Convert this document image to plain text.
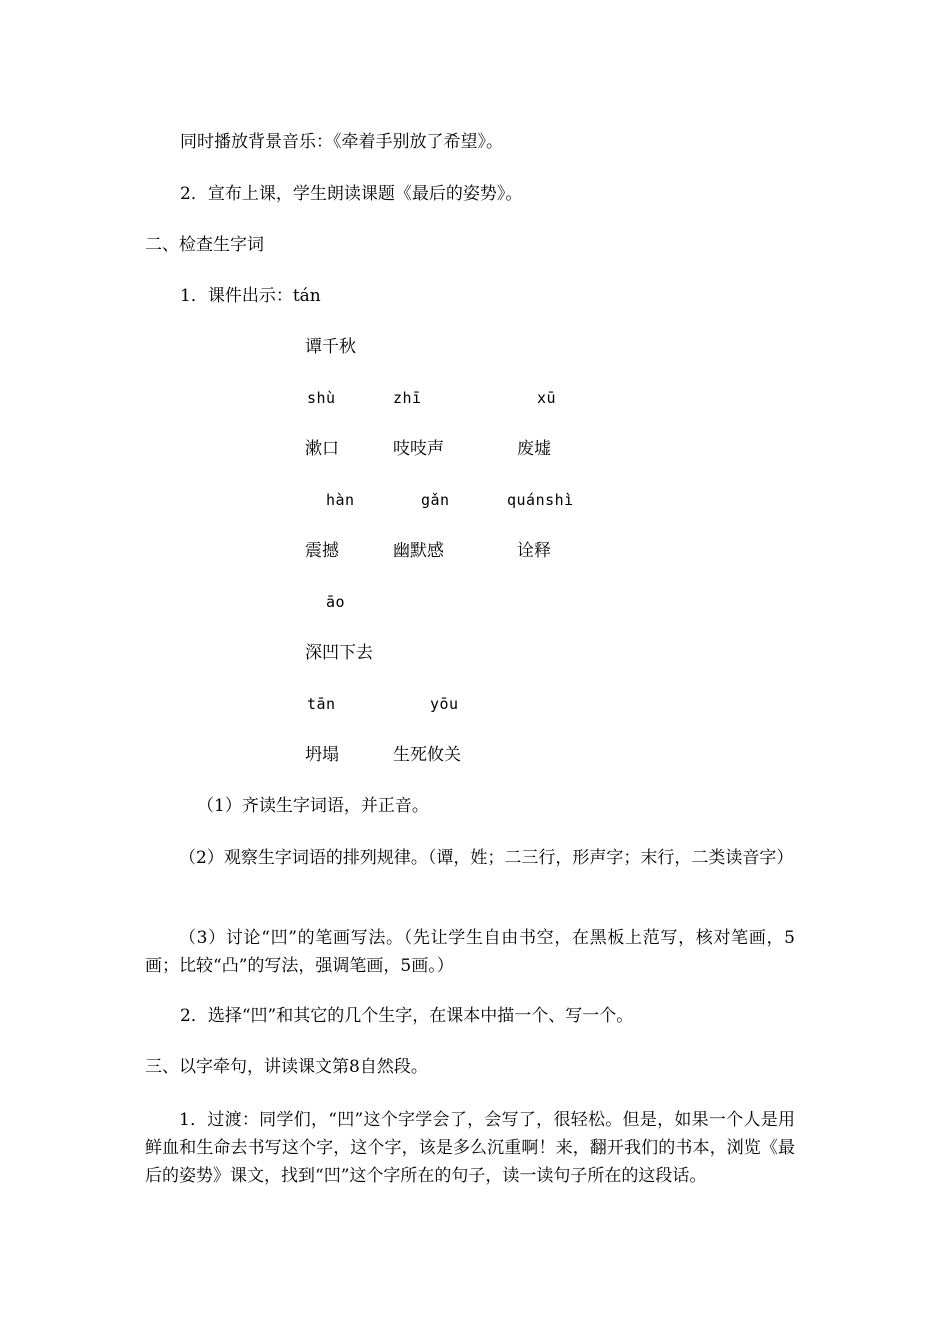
同时播放背景音乐：《牵着手别放了希望》。
2．宣布上课，学生朗读课题《最后的姿势》。
二、检查生字词
1．课件出示：tán
谭千秋
shù	zhī	xū
漱口	吱吱声	废墟
hàn	gǎn	quánshì
震撼	幽默感	诠释
āo
深凹下去
tān	yōu
坍塌	生死攸关
（1）齐读生字词语，并正音。
（2）观察生字词语的排列规律。（谭，姓；二三行，形声字；末行，二类读音字）
（3）讨论“凹”的笔画写法。（先让学生自由书空，在黑板上范写，核对笔画，5画；比较“凸”的写法，强调笔画，5画。）
2．选择“凹”和其它的几个生字，在课本中描一个、写一个。
三、以字牵句，讲读课文第8自然段。
1．过渡：同学们，“凹”这个字学会了，会写了，很轻松。但是，如果一个人是用鲜血和生命去书写这个字，这个字，该是多么沉重啊！来，翻开我们的书本，浏览《最后的姿势》课文，找到“凹”这个字所在的句子，读一读句子所在的这段话。
